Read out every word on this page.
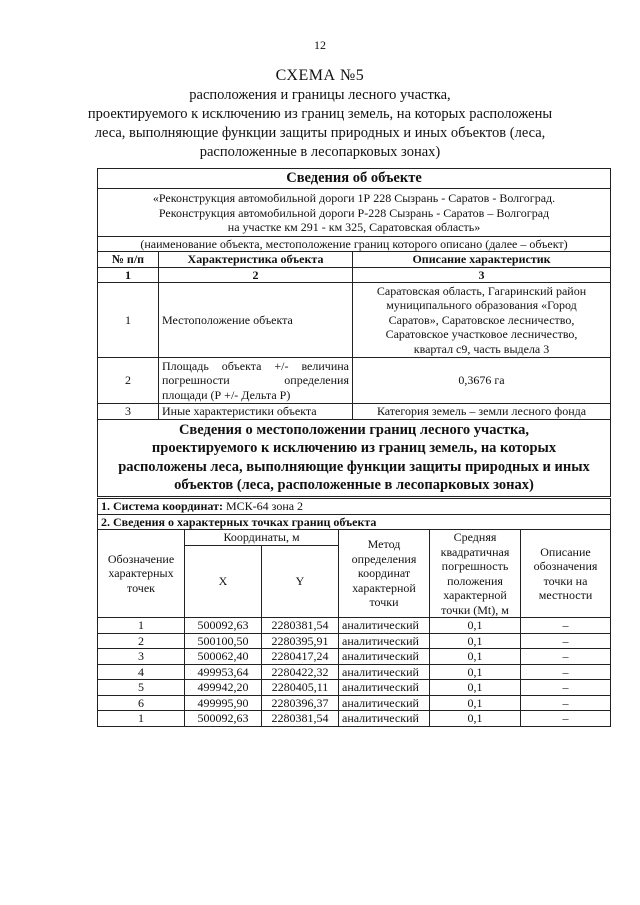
12
СХЕМА №5
расположения и границы лесного участка,
проектируемого к исключению из границ земель, на которых расположены
леса, выполняющие функции защиты природных и иных объектов (леса,
расположенные в лесопарковых зонах)
Сведения об объекте		

«Реконструкция автомобильной дороги 1Р 228 Сызрань - Саратов - Волгоград.
Реконструкция автомобильной дороги Р-228 Сызрань - Саратов – Волгоград
на участке км 291 - км 325, Саратовская область»		

(наименование объекта, местоположение границ которого описано (далее – объект)		
№ п/п	Характеристика объекта	Описание характеристик
1	2	3
1	Местоположение объекта	Саратовская область, Гагаринский район
муниципального образования «Город
Саратов», Саратовское лесничество,
Саратовское участковое лесничество,
квартал с9, часть выдела 3

2	Площадь объекта +/- величина
погрешности определения
площади (Р +/- Дельта Р)	0,3676 га
3	Иные характеристики объекта	Категория земель – земли лесного фонда

Сведения о местоположении границ лесного участка,
проектируемого к исключению из границ земель, на которых
расположены леса, выполняющие функции защиты природных и иных
объектов (леса, расположенные в лесопарковых зонах)		
1. Система координат: МСК-64 зона 2					
2. Сведения о характерных точках границ объекта					
Обозначение характерных точек	Координаты, м		Метод определения координат характерной точки	Средняя квадратичная погрешность положения характерной точки (Mt), м	Описание обозначения точки на местности
	X	Y			
1	500092,63	2280381,54	аналитический	0,1	–
2	500100,50	2280395,91	аналитический	0,1	–
3	500062,40	2280417,24	аналитический	0,1	–
4	499953,64	2280422,32	аналитический	0,1	–
5	499942,20	2280405,11	аналитический	0,1	–
6	499995,90	2280396,37	аналитический	0,1	–
1	500092,63	2280381,54	аналитический	0,1	–
